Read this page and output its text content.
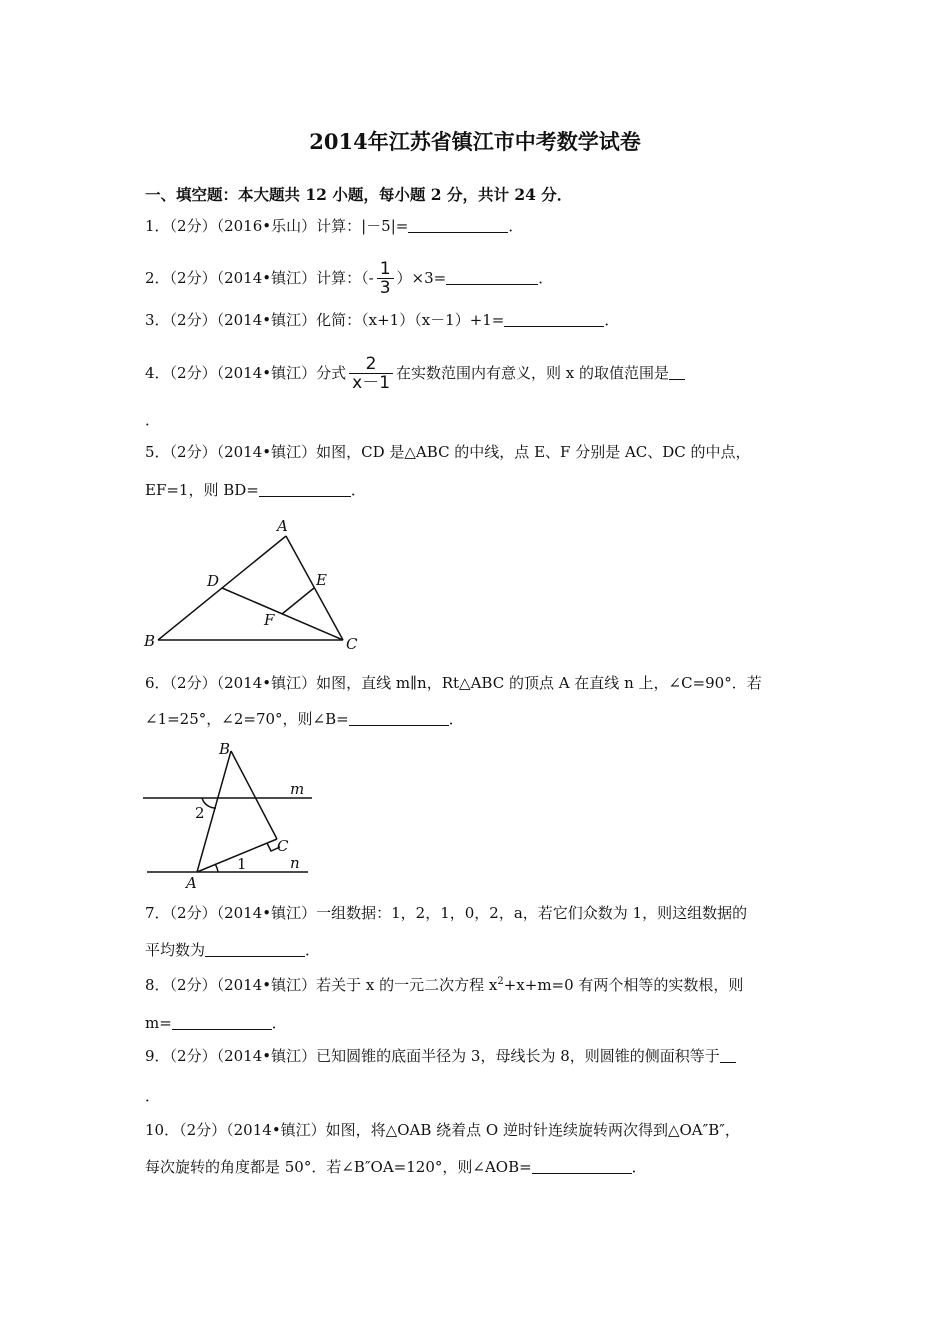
2014年江苏省镇江市中考数学试卷
一、填空题：本大题共 12 小题，每小题 2 分，共计 24 分．
1．（2分）（2016•乐山）计算：|－5|=	．
2．（2分）（2014•镇江）计算：（- $\frac{1}{3} )\times 3=$	．
3．（2分）（2014•镇江）化简：（x+1）（x－1）+1=	．
4．（2分）（2014•镇江）分式 $\frac{2}{x-1}$ 在实数范围内有意义，则 x 的取值范围是
．
5．（2分）（2014•镇江）如图，CD 是△ABC 的中线，点 E、F 分别是 AC、DC 的中点，
EF=1，则 BD=	．
A
B	C
D	E
F
6．（2分）（2014•镇江）如图，直线 m∥n，Rt△ABC 的顶点 A 在直线 n 上，∠C=90°．若
∠1=25°，∠2=70°，则∠B=	．
B
A
C
m
n
2
1
7．（2分）（2014•镇江）一组数据：1，2，1，0，2，a，若它们众数为 1，则这组数据的
平均数为	．
8．（2分）（2014•镇江）若关于 x 的一元二次方程 $x^2+x+m=0$ 有两个相等的实数根，则
m=	．
9．（2分）（2014•镇江）已知圆锥的底面半径为 3，母线长为 8，则圆锥的侧面积等于
．
10．（2分）（2014•镇江）如图，将△OAB 绕着点 O 逆时针连续旋转两次得到△OA″B″，
每次旋转的角度都是 50°．若∠B″OA=120°，则∠AOB=	．
